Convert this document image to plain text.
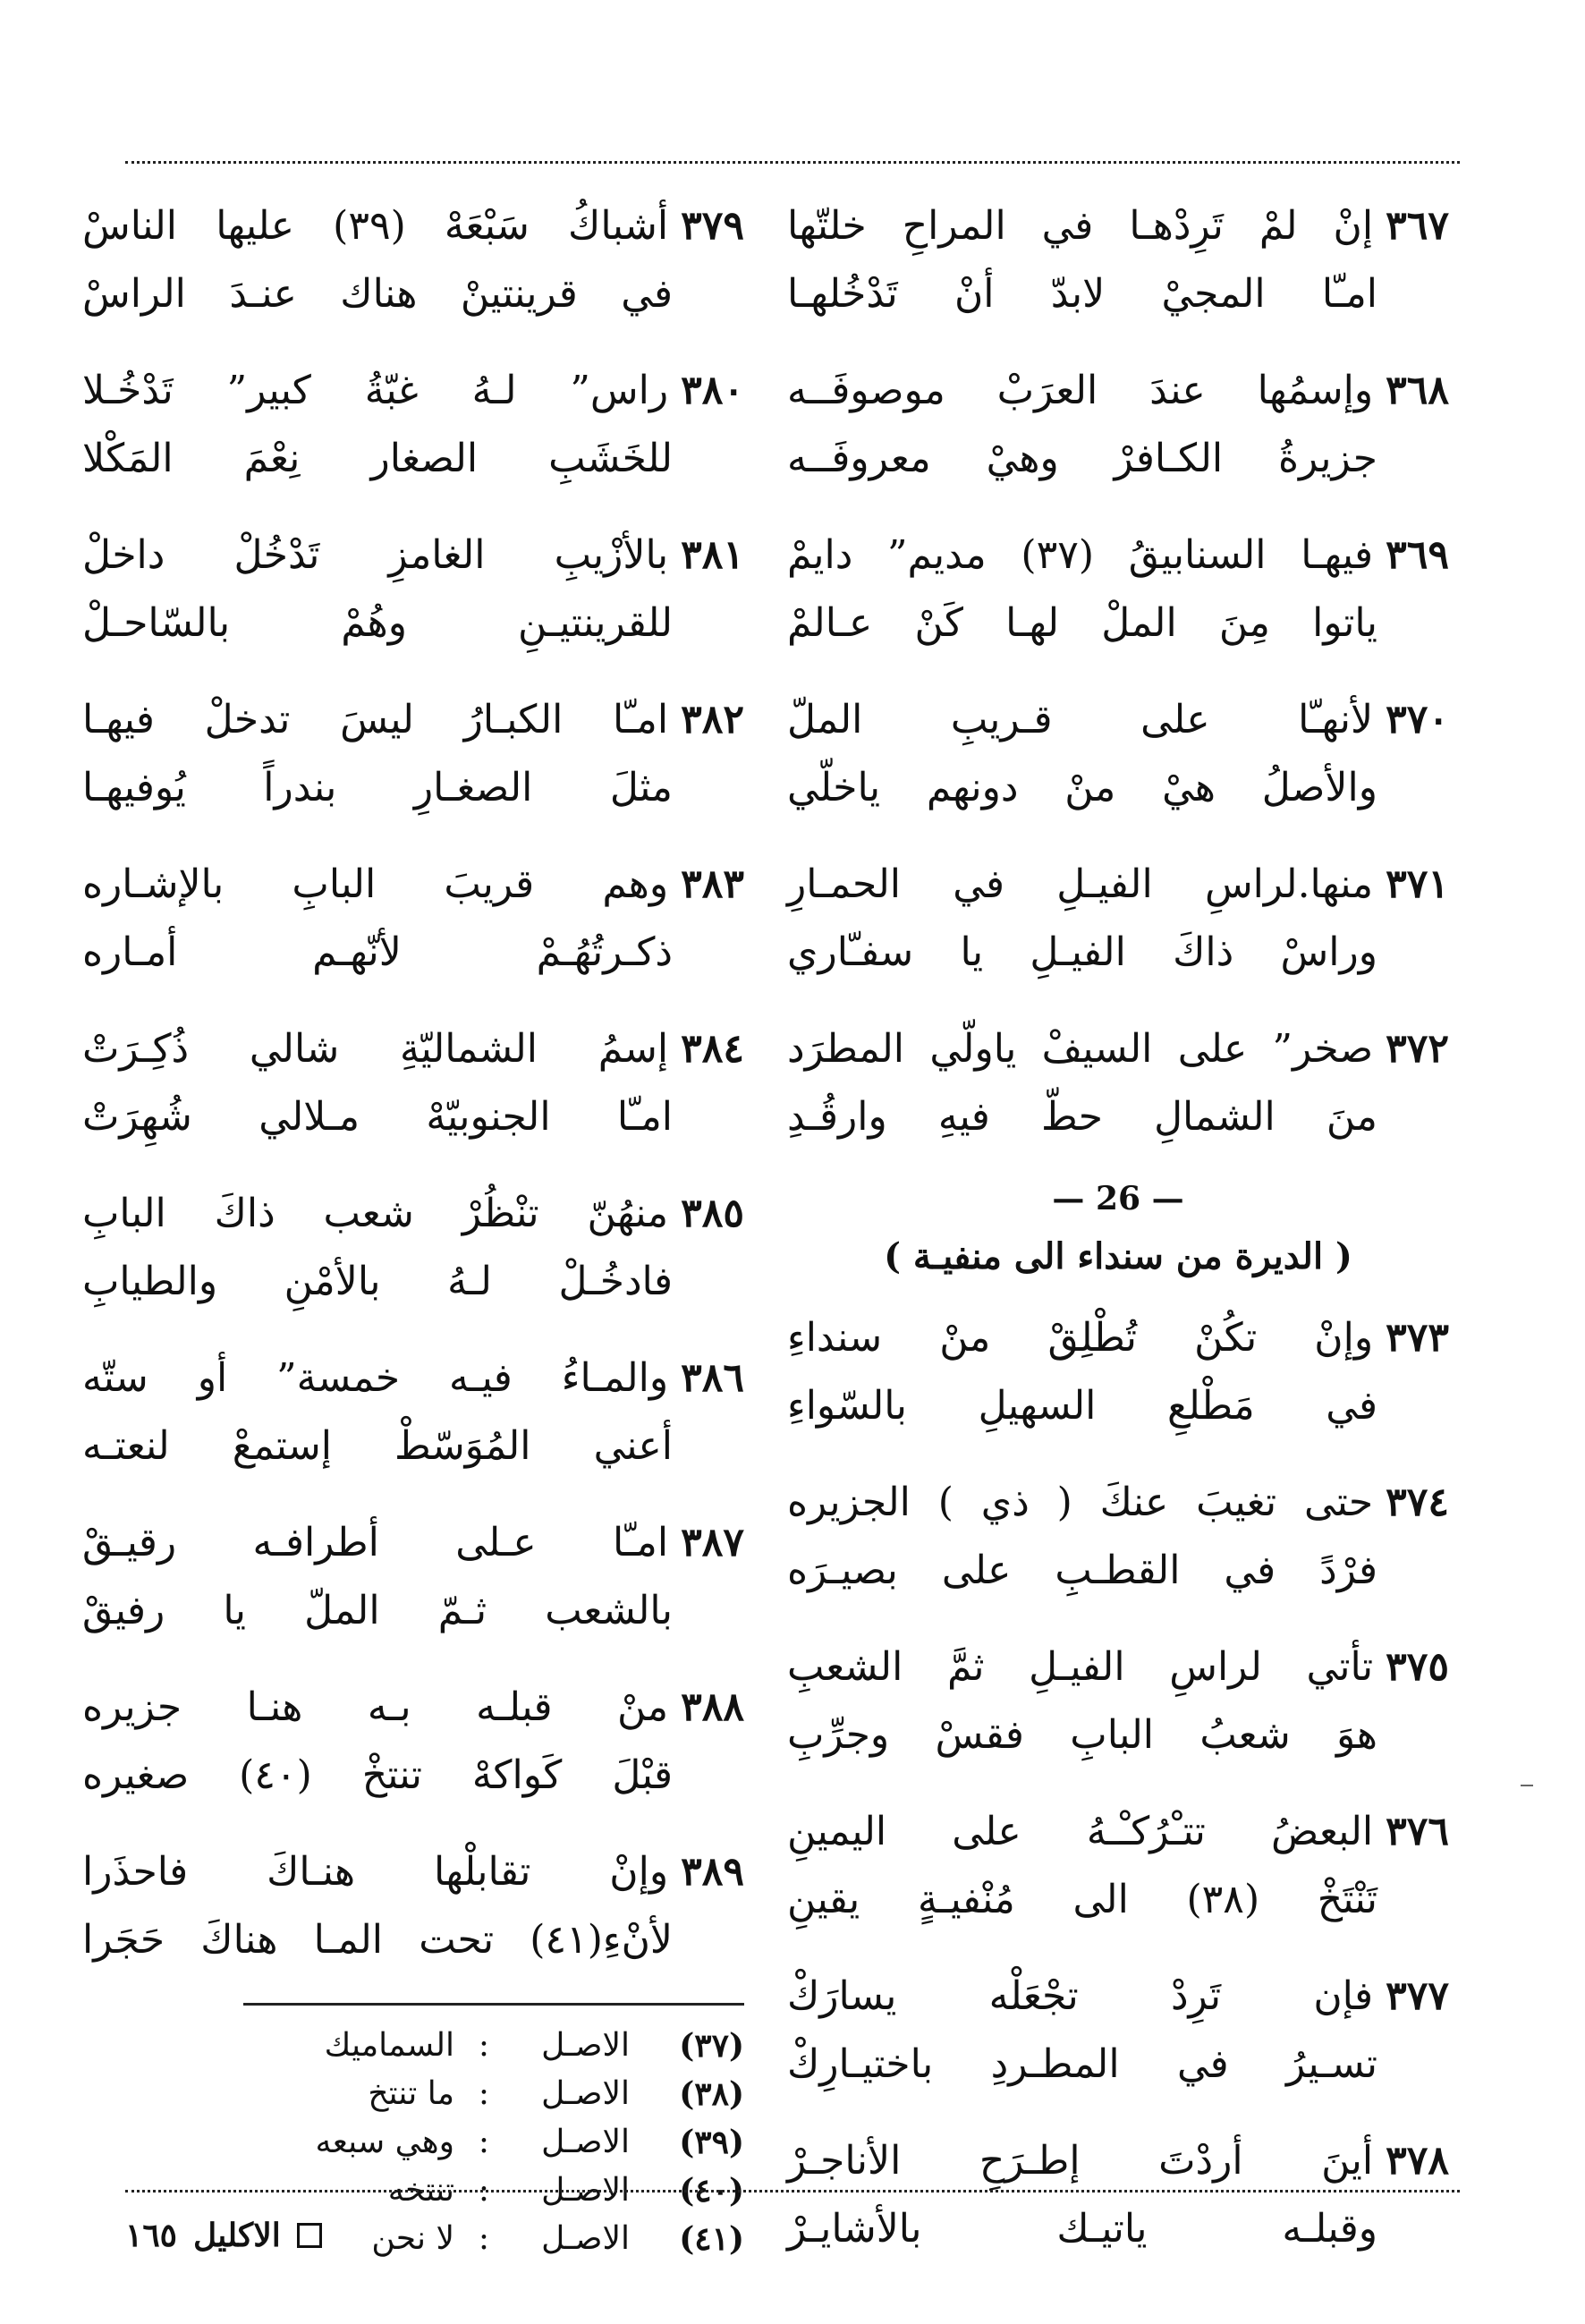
٣٦٧إنْ لمْ تَرِدْهـا في المراحِ خلتّها
امـّا المجيْ لابدّ أنْ تَدْخُلهـا
٣٦٨وإسمُها عندَ العرَبْ موصوفَــه
جزيرةُ الكـافرْ وهيْ معروفَــه
٣٦٩فيهـا السنابيقُ (٣٧) مديم” دايمْ
ياتوا مِنَ الملْ لهـا كَنْ عـالمْ
٣٧٠لأنهـّا على قـريبِ الملّ
والأصلُ هيْ منْ دونهم ياخلّي
٣٧١منها.لراسِ الفيـلِ في الحمـارِ
وراسْ ذاكَ الفيـلِ يا سفـّاري
٣٧٢صخر” على السيفْ ياولّي المطرَد
منَ الشمالِ حطّ فيهِ وارقُـدِ
— 26 —
( الديرة من سنداء الى منفيـة )
٣٧٣وإنْ تكُنْ تُطْلِقْ منْ سنداءِ
في مَطْلعِ السهيلِ بالسّواءِ
٣٧٤حتى تغيبَ عنكَ ( ذي ) الجزيره
فرْدً في القطـبِ على بصيـرَه
٣٧٥تأتي لراسِ الفيـلِ ثمَّ الشعبِ
هوَ شعبُ البابِ فقسْ وجرِّبِ
٣٧٦البعضُ تتـْرُكـْـهُ على اليمينِ
تَنْتَخْ (٣٨) الى مُنْفيـةٍ يقينِ
٣٧٧فإن تَرِدْ تجْعَلْه يسارَكْ
تسـيرُ في المطـردِ باختيـارِكْ
٣٧٨أينَ أردْتَ إطـرَحِ الأناجـرْ
وقبلـه ياتيـك بالأشايـرْ
٣٧٩أشباكُ سَبْعَهْ (٣٩) عليها الناسْ
في قرينتينْ هناك عنـدَ الراسْ
٣٨٠راس” لـهُ غبّةُ كبير” تَدْخُـلا
للخَشَبِ الصغار نِعْمَ المَكْلا
٣٨١بالأزْيبِ الغامزِ تَدْخُلْ داخلْ
للقرينتيـنِ وهُمْ بالسّاحـلْ
٣٨٢امـّا الكبـارُ ليسَ تدخلْ فيهـا
مثلَ الصغـارِ بندراً يُوفيهـا
٣٨٣وهم قريبَ البابِ بالإشـاره
ذكـرتُهُـمْ لأنّهـم أمـاره
٣٨٤إسمُ الشماليّةِ شالي ذُكِـرَتْ
امـّا الجنوبيّهْ مـلالي شُهِرَتْ
٣٨٥منهُنّ تنْظُرْ شعب ذاكَ البابِ
فادخُـلْ لـهُ بالأمْنِ والطيابِ
٣٨٦والمـاءُ فيـه خمسة” أو ستّه
أعني المُوَسّطْ إستمعْ لنعتـه
٣٨٧امـّا عـلى أطرافـه رقيـقْ
بالشعب ثـمّ الملّ يا رفيقْ
٣٨٨منْ قبلـه بـه هنـا جزيره
قبْلَ كَواكهْ تنتخْ (٤٠) صغيره
٣٨٩وإنْ تقابلْها هنـاكَ فاحذَرا
لأنْءِ(٤١) تحت المـا هناكَ حَجَرا
(٣٧)
الاصـل
:
السماميك
(٣٨)
الاصـل
:
ما تنتخ
(٣٩)
الاصـل
:
وهي سبعه
(٤٠)
الاصـل
:
تنتخه
(٤١)
الاصـل
:
لا نحن
الاكليل
١٦٥
